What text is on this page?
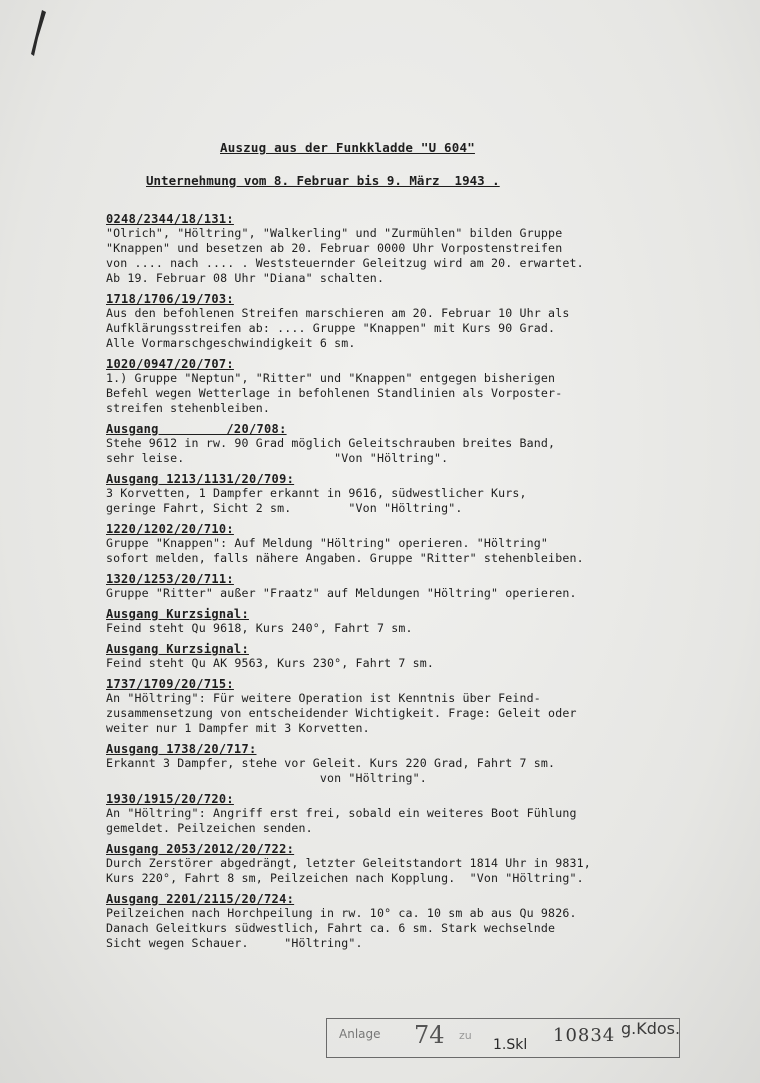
Auszug aus der Funkkladde "U 604"
Unternehmung vom 8. Februar bis 9. März  1943 .
0248/2344/18/131:
"Olrich", "Höltring", "Walkerling" und "Zurmühlen" bilden Gruppe
"Knappen" und besetzen ab 20. Februar 0000 Uhr Vorpostenstreifen
von .... nach .... . Weststeuernder Geleitzug wird am 20. erwartet.
Ab 19. Februar 08 Uhr "Diana" schalten.
1718/1706/19/703:
Aus den befohlenen Streifen marschieren am 20. Februar 10 Uhr als
Aufklärungsstreifen ab: .... Gruppe "Knappen" mit Kurs 90 Grad.
Alle Vormarschgeschwindigkeit 6 sm.
1020/0947/20/707:
1.) Gruppe "Neptun", "Ritter" und "Knappen" entgegen bisherigen
Befehl wegen Wetterlage in befohlenen Standlinien als Vorposter-
streifen stehenbleiben.
Ausgang         /20/708:
Stehe 9612 in rw. 90 Grad möglich Geleitschrauben breites Band,
sehr leise.                     "Von "Höltring".
Ausgang 1213/1131/20/709:
3 Korvetten, 1 Dampfer erkannt in 9616, südwestlicher Kurs,
geringe Fahrt, Sicht 2 sm.        "Von "Höltring".
1220/1202/20/710:
Gruppe "Knappen": Auf Meldung "Höltring" operieren. "Höltring"
sofort melden, falls nähere Angaben. Gruppe "Ritter" stehenbleiben.
1320/1253/20/711:
Gruppe "Ritter" außer "Fraatz" auf Meldungen "Höltring" operieren.
Ausgang Kurzsignal:
Feind steht Qu 9618, Kurs 240°, Fahrt 7 sm.
Ausgang Kurzsignal:
Feind steht Qu AK 9563, Kurs 230°, Fahrt 7 sm.
1737/1709/20/715:
An "Höltring": Für weitere Operation ist Kenntnis über Feind-
zusammensetzung von entscheidender Wichtigkeit. Frage: Geleit oder
weiter nur 1 Dampfer mit 3 Korvetten.
Ausgang 1738/20/717:
Erkannt 3 Dampfer, stehe vor Geleit. Kurs 220 Grad, Fahrt 7 sm.
von "Höltring".
1930/1915/20/720:
An "Höltring": Angriff erst frei, sobald ein weiteres Boot Fühlung
gemeldet. Peilzeichen senden.
Ausgang 2053/2012/20/722:
Durch Zerstörer abgedrängt, letzter Geleitstandort 1814 Uhr in 9831,
Kurs 220°, Fahrt 8 sm, Peilzeichen nach Kopplung.  "Von "Höltring".
Ausgang 2201/2115/20/724:
Peilzeichen nach Horchpeilung in rw. 10° ca. 10 sm ab aus Qu 9826.
Danach Geleitkurs südwestlich, Fahrt ca. 6 sm. Stark wechselnde
Sicht wegen Schauer.     "Höltring".
Anlage 74 zu
1.Skl 10834 g.Kdos.
